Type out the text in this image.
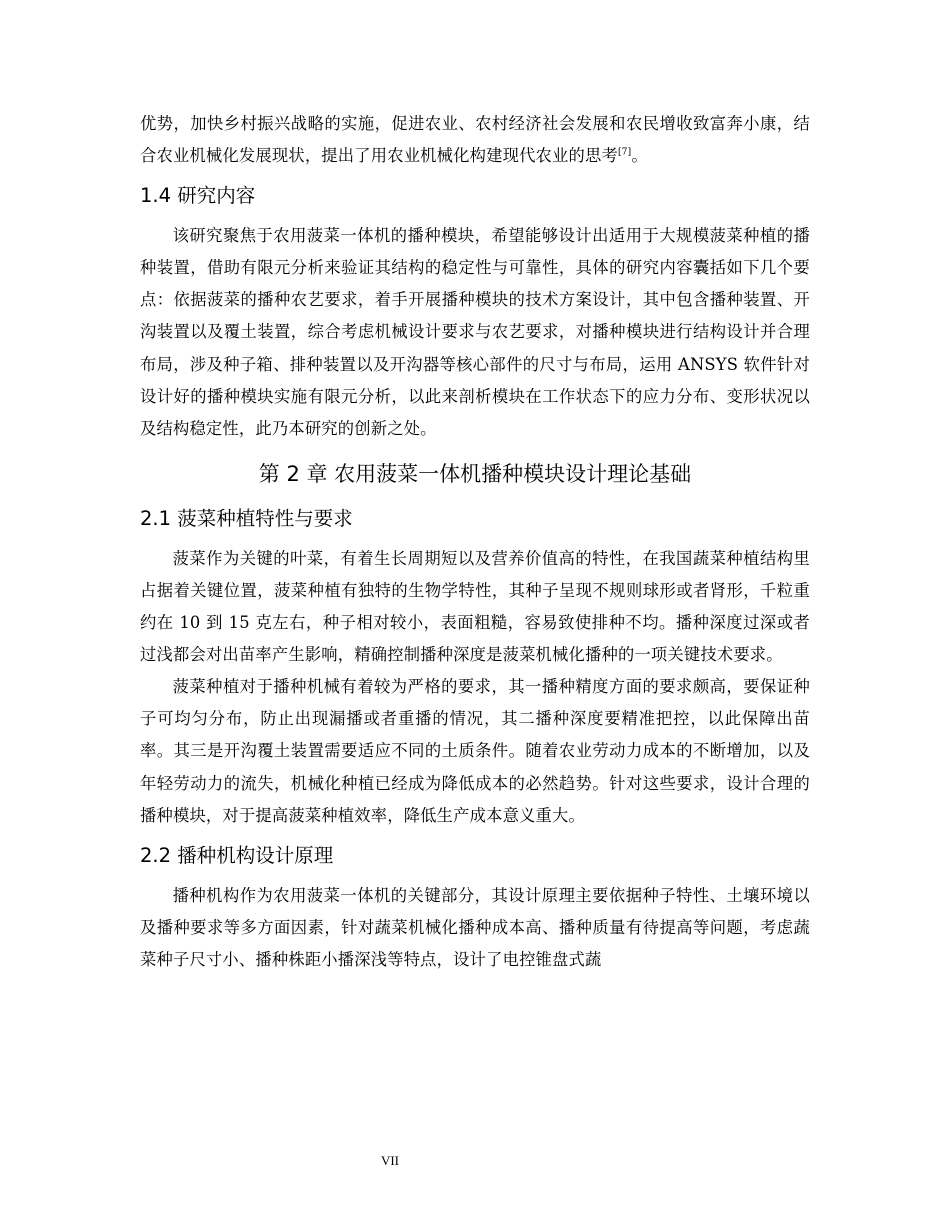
优势，加快乡村振兴战略的实施，促进农业、农村经济社会发展和农民增收致富奔小康，结合农业机械化发展现状，提出了用农业机械化构建现代农业的思考[7]。

1.4 研究内容

该研究聚焦于农用菠菜一体机的播种模块，希望能够设计出适用于大规模菠菜种植的播种装置，借助有限元分析来验证其结构的稳定性与可靠性，具体的研究内容囊括如下几个要点：依据菠菜的播种农艺要求，着手开展播种模块的技术方案设计，其中包含播种装置、开沟装置以及覆土装置，综合考虑机械设计要求与农艺要求，对播种模块进行结构设计并合理布局，涉及种子箱、排种装置以及开沟器等核心部件的尺寸与布局，运用 ANSYS 软件针对设计好的播种模块实施有限元分析，以此来剖析模块在工作状态下的应力分布、变形状况以及结构稳定性，此乃本研究的创新之处。

第 2 章 农用菠菜一体机播种模块设计理论基础
2.1 菠菜种植特性与要求

菠菜作为关键的叶菜，有着生长周期短以及营养价值高的特性，在我国蔬菜种植结构里占据着关键位置，菠菜种植有独特的生物学特性，其种子呈现不规则球形或者肾形，千粒重约在 10 到 15 克左右，种子相对较小，表面粗糙，容易致使排种不均。播种深度过深或者过浅都会对出苗率产生影响，精确控制播种深度是菠菜机械化播种的一项关键技术要求。

菠菜种植对于播种机械有着较为严格的要求，其一播种精度方面的要求颇高，要保证种子可均匀分布，防止出现漏播或者重播的情况，其二播种深度要精准把控，以此保障出苗率。其三是开沟覆土装置需要适应不同的土质条件。随着农业劳动力成本的不断增加，以及年轻劳动力的流失，机械化种植已经成为降低成本的必然趋势。针对这些要求，设计合理的播种模块，对于提高菠菜种植效率，降低生产成本意义重大。

2.2 播种机构设计原理

播种机构作为农用菠菜一体机的关键部分，其设计原理主要依据种子特性、土壤环境以及播种要求等多方面因素，针对蔬菜机械化播种成本高、播种质量有待提高等问题，考虑蔬菜种子尺寸小、播种株距小播深浅等特点，设计了电控锥盘式蔬

VII
